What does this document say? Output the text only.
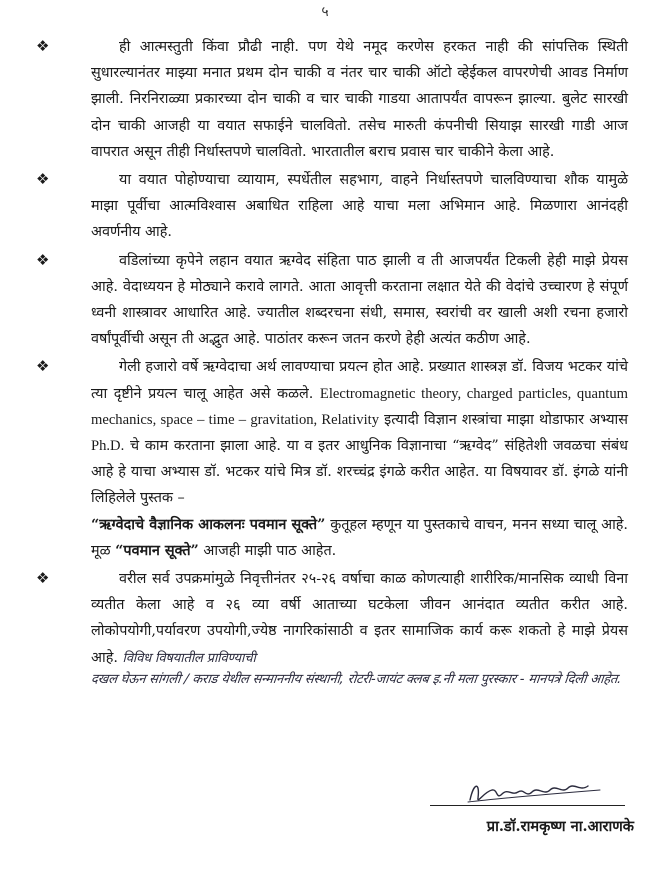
५

❖	ही आत्मस्तुती किंवा प्रौढी नाही. पण येथे नमूद करणेस हरकत नाही की सांपत्तिक स्थिती सुधारल्यानंतर माझ्या मनात प्रथम दोन चाकी व नंतर चार चाकी ऑटो व्हेईकल वापरणेची आवड निर्माण झाली. निरनिराळ्या प्रकारच्या दोन चाकी व चार चाकी गाडया आतापर्यंत वापरून झाल्या. बुलेट सारखी दोन चाकी आजही या वयात सफाईने चालवितो. तसेच मारुती कंपनीची सियाझ सारखी गाडी आज वापरात असून तीही निर्धास्तपणे चालवितो. भारतातील बराच प्रवास चार चाकीने केला आहे.

❖	या वयात पोहोण्याचा व्यायाम, स्पर्धेतील सहभाग, वाहने निर्धास्तपणे चालविण्याचा शौक यामुळे माझा पूर्वीचा आत्मविश्वास अबाधित राहिला आहे याचा मला अभिमान आहे. मिळणारा आनंदही अवर्णनीय आहे.

❖	वडिलांच्या कृपेने लहान वयात ऋग्वेद संहिता पाठ झाली व ती आजपर्यंत टिकली हेही माझे प्रेयस आहे. वेदाध्ययन हे मोठ्याने करावे लागते. आता आवृत्ती करताना लक्षात येते की वेदांचे उच्चारण हे संपूर्ण ध्वनी शास्त्रावर आधारित आहे. ज्यातील शब्दरचना संधी, समास, स्वरांची वर खाली अशी रचना हजारो वर्षांपूर्वीची असून ती अद्भुत आहे. पाठांतर करून जतन करणे हेही अत्यंत कठीण आहे.

❖	गेली हजारो वर्षे ऋग्वेदाचा अर्थ लावण्याचा प्रयत्न होत आहे. प्रख्यात शास्त्रज्ञ डॉ. विजय भटकर यांचे त्या दृष्टीने प्रयत्न चालू आहेत असे कळले. Electromagnetic theory, charged particles, quantum mechanics, space – time – gravitation, Relativity इत्यादी विज्ञान शस्त्रांचा माझा थोडाफार अभ्यास Ph.D. चे काम करताना झाला आहे. या व इतर आधुनिक विज्ञानाचा “ऋग्वेद” संहितेशी जवळचा संबंध आहे हे याचा अभ्यास डॉ. भटकर यांचे मित्र डॉ. शरच्चंद्र इंगळे करीत आहेत. या विषयावर डॉ. इंगळे यांनी लिहिलेले पुस्तक –
“ऋग्वेदाचे वैज्ञानिक आकलनः पवमान सूक्ते” कुतूहल म्हणून या पुस्तकाचे वाचन, मनन सध्या चालू आहे. मूळ “पवमान सूक्ते” आजही माझी पाठ आहेत.

❖	वरील सर्व उपक्रमांमुळे निवृत्तीनंतर २५-२६ वर्षाचा काळ कोणत्याही शारीरिक/मानसिक व्याधी विना व्यतीत केला आहे व २६ व्या वर्षी आताच्या घटकेला जीवन आनंदात व्यतीत करीत आहे. लोकोपयोगी,पर्यावरण उपयोगी,ज्येष्ठ नागरिकांसाठी व इतर सामाजिक कार्य करू शकतो हे माझे प्रेयस आहे. विविध विषयातील प्राविण्याची
दखल घेऊन सांगली / कराड येथील सन्माननीय संस्थानी, रोटरी-जायंट क्लब इ.नी मला पुरस्कार - मानपत्रे दिली आहेत.

प्रा.डॉ.रामकृष्ण ना.आराणके
